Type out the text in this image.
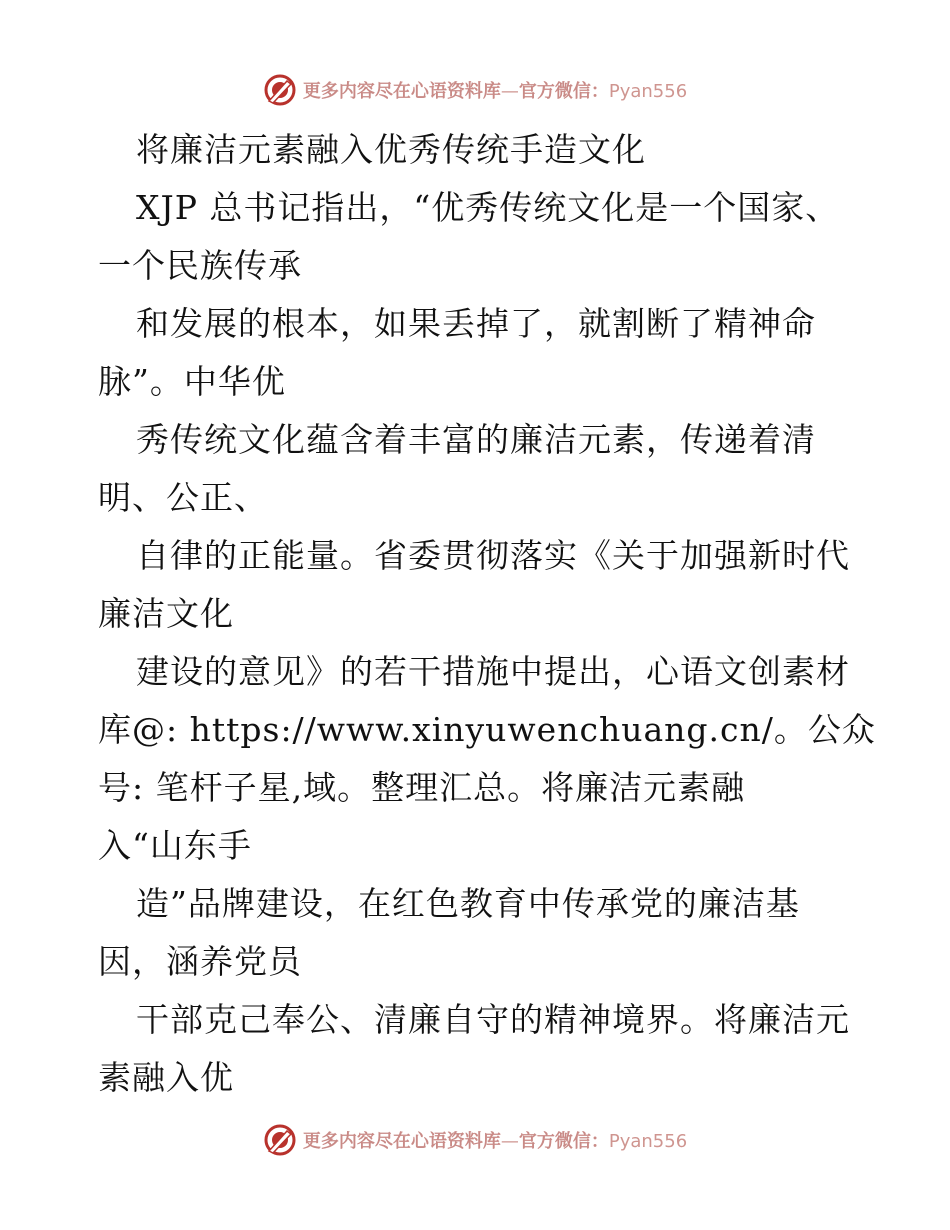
更多内容尽在心语资料库—官方微信：Pyan556
将廉洁元素融入优秀传统手造文化
XJP 总书记指出，“优秀传统文化是一个国家、
一个民族传承
和发展的根本，如果丢掉了，就割断了精神命
脉”。中华优
秀传统文化蕴含着丰富的廉洁元素，传递着清
明、公正、
自律的正能量。省委贯彻落实《关于加强新时代
廉洁文化
建设的意见》的若干措施中提出，心语文创素材
库@: https://www.xinyuwenchuang.cn/。公众
号: 笔杆子星,域。整理汇总。将廉洁元素融
入“山东手
造”品牌建设，在红色教育中传承党的廉洁基
因，涵养党员
干部克己奉公、清廉自守的精神境界。将廉洁元
素融入优
更多内容尽在心语资料库—官方微信：Pyan556
